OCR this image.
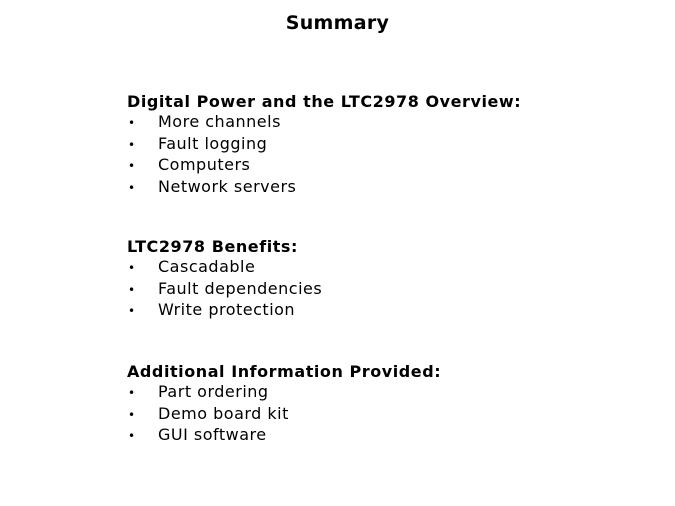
Summary
Digital Power and the LTC2978 Overview:
•	More channels
•	Fault logging
•	Computers
•	Network servers
LTC2978 Benefits:
•	Cascadable
•	Fault dependencies
•	Write protection
Additional Information Provided:
•	Part ordering
•	Demo board kit
•	GUI software
